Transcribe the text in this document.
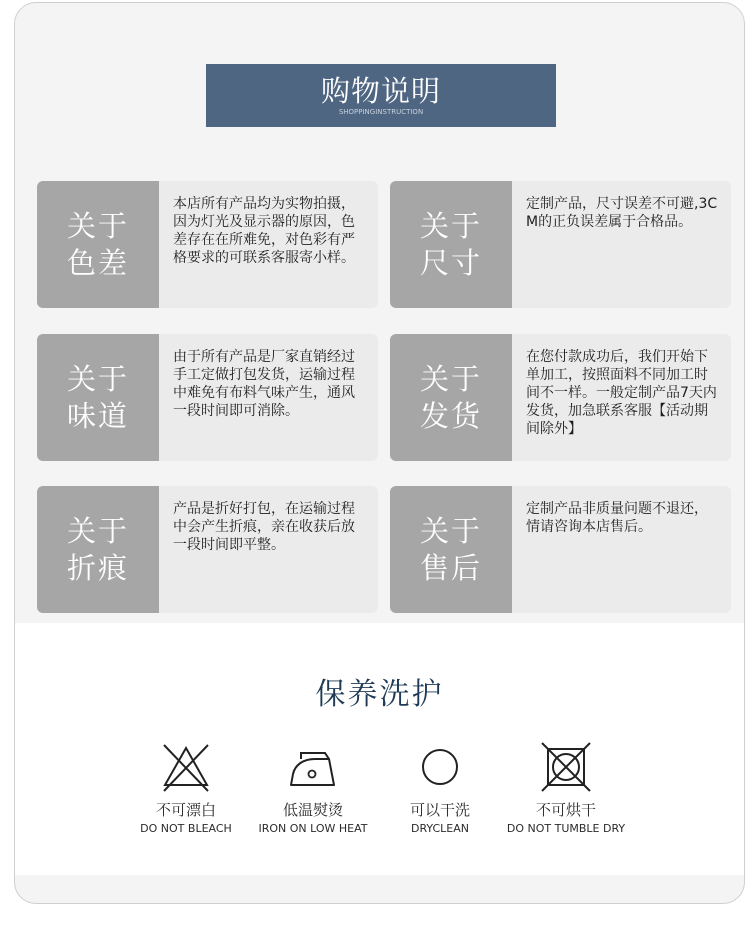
购物说明
SHOPPINGINSTRUCTION
关于
色差
本店所有产品均为实物拍摄，因为灯光及显示器的原因，色差存在在所难免，对色彩有严格要求的可联系客服寄小样。
关于
尺寸
定制产品，尺寸误差不可避,3CM的正负误差属于合格品。
关于
味道
由于所有产品是厂家直销经过手工定做打包发货，运输过程中难免有布料气味产生，通风一段时间即可消除。
关于
发货
在您付款成功后，我们开始下单加工，按照面料不同加工时间不一样。一般定制产品7天内发货，加急联系客服【活动期间除外】
关于
折痕
产品是折好打包，在运输过程中会产生折痕，亲在收获后放一段时间即平整。	关于
售后
定制产品非质量问题不退还，情请咨询本店售后。
保养洗护
不可漂白
DO NOT BLEACH
低温熨烫
IRON ON LOW HEAT
可以干洗
DRYCLEAN
不可烘干
DO NOT TUMBLE DRY
